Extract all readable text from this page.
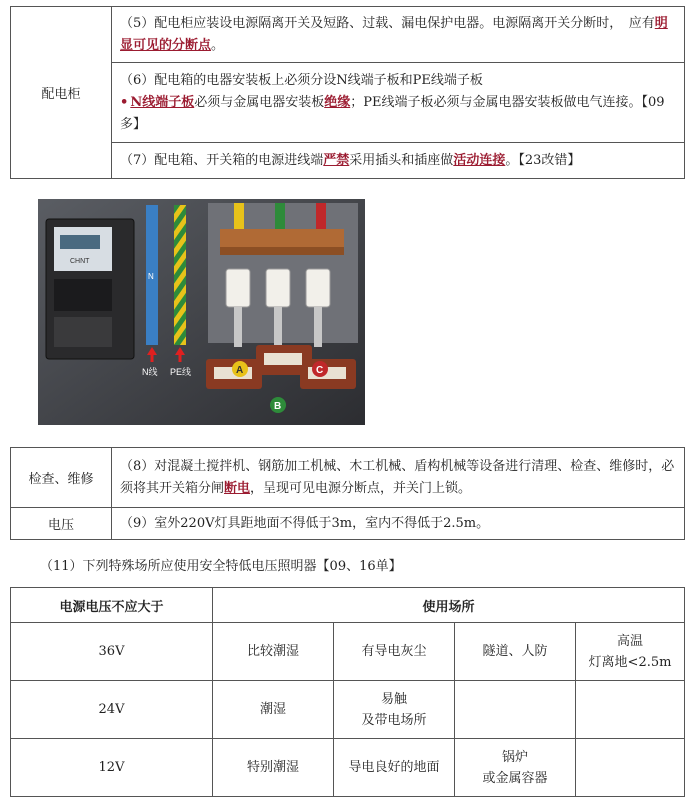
配电柜	（5）配电柜应装设电源隔离开关及短路、过载、漏电保护电器。电源隔离开关分断时，　应有明显可见的分断点。

（6）配电箱的电器安装板上必须分设N线端子板和PE线端子板
• N线端子板必须与金属电器安装板绝缘；PE线端子板必须与金属电器安装板做电气连接。【09多】

（7）配电箱、开关箱的电源进线端严禁采用插头和插座做活动连接。【23改错】
CHNT
N
N线 PE线	A
B
C
检查、维修	（8）对混凝土搅拌机、钢筋加工机械、木工机械、盾构机械等设备进行清理、检查、维修时，必须将其开关箱分闸断电，呈现可见电源分断点，并关门上锁。
电压	（9）室外220V灯具距地面不得低于3m，室内不得低于2.5m。
（11）下列特殊场所应使用安全特低电压照明器【09、16单】
电源电压不应大于	使用场所			
36V	比较潮湿	有导电灰尘	隧道、人防	高温
灯离地<2.5m
24V	潮湿	易触
及带电场所		
12V	特别潮湿	导电良好的地面	锅炉
或金属容器	
